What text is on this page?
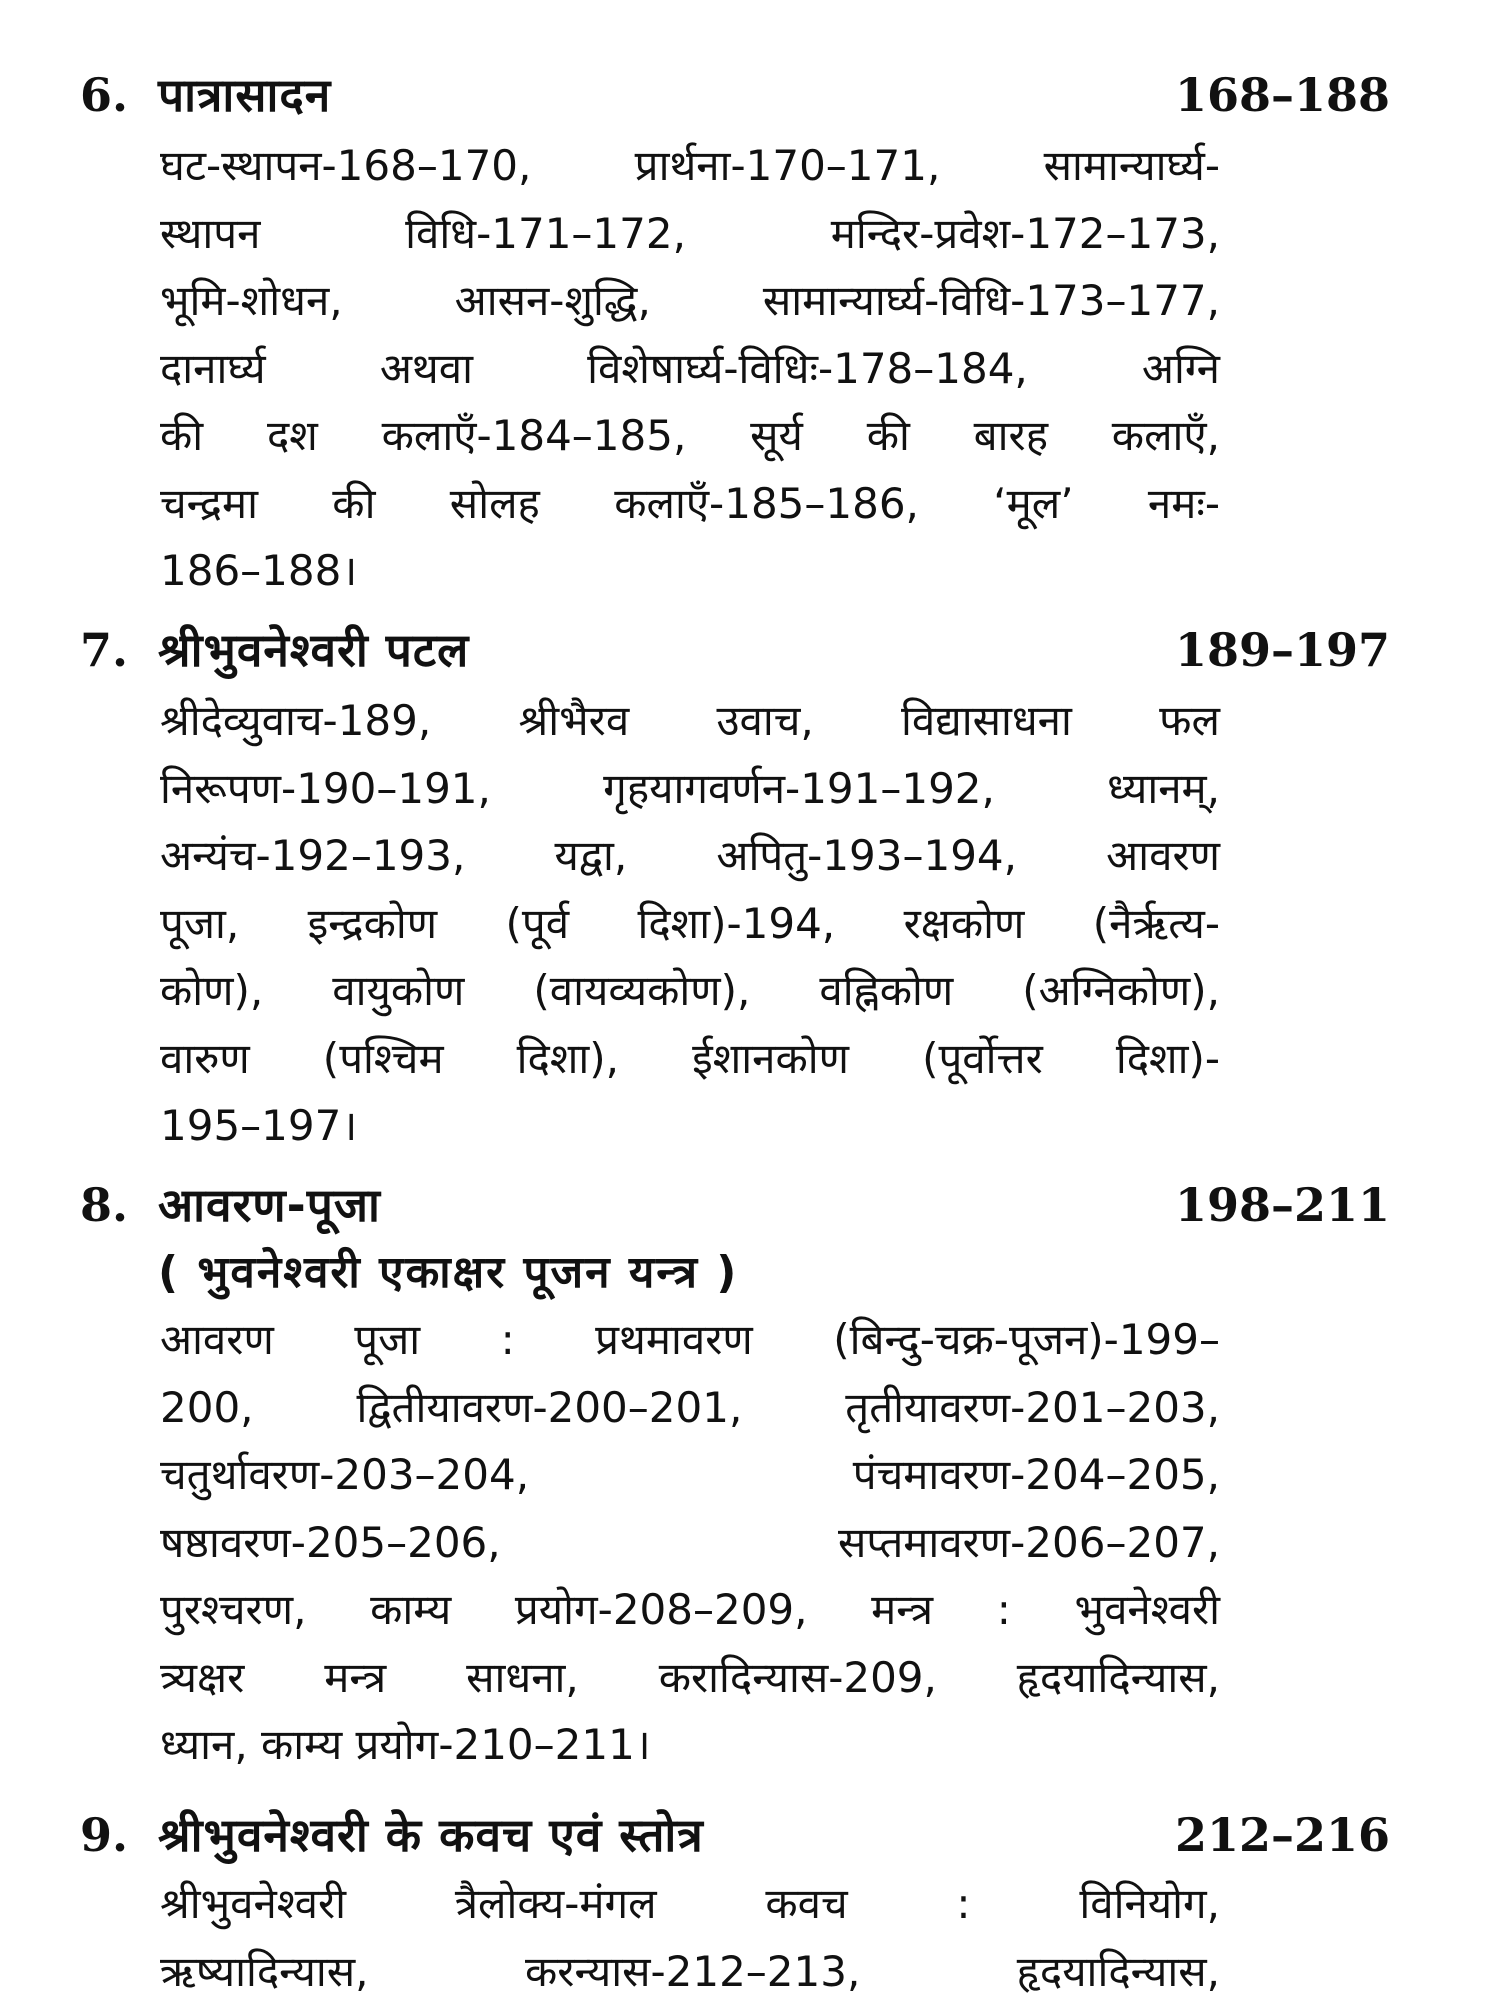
6. पात्रासादन	168–188
घट-स्थापन-168–170, प्रार्थना-170–171, सामान्यार्घ्य-
स्थापन विधि-171–172, मन्दिर-प्रवेश-172–173,
भूमि-शोधन, आसन-शुद्धि, सामान्यार्घ्य-विधि-173–177,
दानार्घ्य अथवा विशेषार्घ्य-विधिः-178–184, अग्नि
की दश कलाएँ-184–185, सूर्य की बारह कलाएँ,
चन्द्रमा की सोलह कलाएँ-185–186, ‘मूल’ नमः-
186–188।
7. श्रीभुवनेश्वरी पटल	189–197
श्रीदेव्युवाच-189, श्रीभैरव उवाच, विद्यासाधना फल
निरूपण-190–191, गृहयागवर्णन-191–192, ध्यानम्,
अन्यंच-192–193, यद्वा, अपितु-193–194, आवरण
पूजा, इन्द्रकोण (पूर्व दिशा)-194, रक्षकोण (नैर्ऋत्य-
कोण), वायुकोण (वायव्यकोण), वह्निकोण (अग्निकोण),
वारुण (पश्चिम दिशा), ईशानकोण (पूर्वोत्तर दिशा)-
195–197।
8. आवरण-पूजा	198–211
( भुवनेश्वरी एकाक्षर पूजन यन्त्र )
आवरण पूजा : प्रथमावरण (बिन्दु-चक्र-पूजन)-199–
200, द्वितीयावरण-200–201, तृतीयावरण-201–203,
चतुर्थावरण-203–204, पंचमावरण-204–205,
षष्ठावरण-205–206, सप्तमावरण-206–207,
पुरश्चरण, काम्य प्रयोग-208–209, मन्त्र : भुवनेश्वरी
त्र्यक्षर मन्त्र साधना, करादिन्यास-209, हृदयादिन्यास,
ध्यान, काम्य प्रयोग-210–211।
9. श्रीभुवनेश्वरी के कवच एवं स्तोत्र	212–216
श्रीभुवनेश्वरी त्रैलोक्य-मंगल कवच : विनियोग,
ऋष्यादिन्यास, करन्यास-212–213, हृदयादिन्यास,
